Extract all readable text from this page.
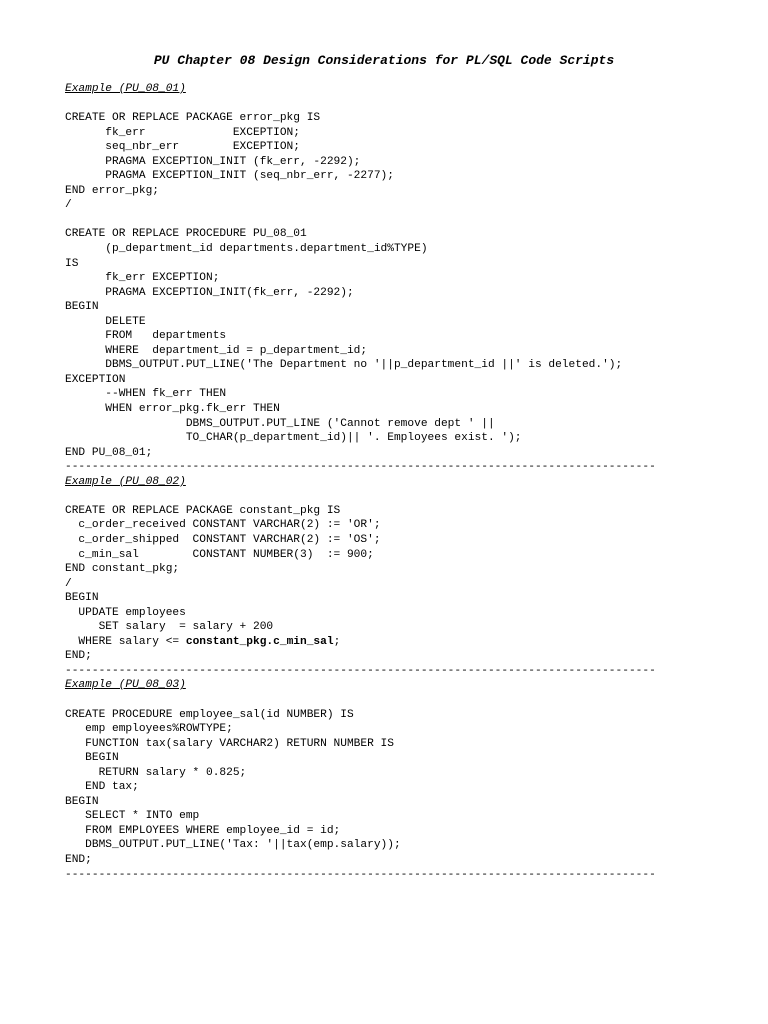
PU Chapter 08 Design Considerations for PL/SQL Code Scripts
Example (PU_08_01)
CREATE OR REPLACE PACKAGE error_pkg IS
fk_err             EXCEPTION;
seq_nbr_err        EXCEPTION;
PRAGMA EXCEPTION_INIT (fk_err, -2292);
PRAGMA EXCEPTION_INIT (seq_nbr_err, -2277);
END error_pkg;
/
CREATE OR REPLACE PROCEDURE PU_08_01
(p_department_id departments.department_id%TYPE)
IS
fk_err EXCEPTION;
PRAGMA EXCEPTION_INIT(fk_err, -2292);
BEGIN
DELETE
FROM   departments
WHERE  department_id = p_department_id;
DBMS_OUTPUT.PUT_LINE('The Department no '||p_department_id ||' is deleted.');
EXCEPTION
--WHEN fk_err THEN
WHEN error_pkg.fk_err THEN
DBMS_OUTPUT.PUT_LINE ('Cannot remove dept ' ||
TO_CHAR(p_department_id)|| '. Employees exist. ');
END PU_08_01;
----------------------------------------------------------------------------------------
Example (PU_08_02)
CREATE OR REPLACE PACKAGE constant_pkg IS
c_order_received CONSTANT VARCHAR(2) := 'OR';
c_order_shipped  CONSTANT VARCHAR(2) := 'OS';
c_min_sal        CONSTANT NUMBER(3)  := 900;
END constant_pkg;
/
BEGIN
UPDATE employees
SET salary  = salary + 200
WHERE salary <= constant_pkg.c_min_sal;
END;
----------------------------------------------------------------------------------------
Example (PU_08_03)
CREATE PROCEDURE employee_sal(id NUMBER) IS
emp employees%ROWTYPE;
FUNCTION tax(salary VARCHAR2) RETURN NUMBER IS
BEGIN
RETURN salary * 0.825;
END tax;
BEGIN
SELECT * INTO emp
FROM EMPLOYEES WHERE employee_id = id;
DBMS_OUTPUT.PUT_LINE('Tax: '||tax(emp.salary));
END;
----------------------------------------------------------------------------------------
